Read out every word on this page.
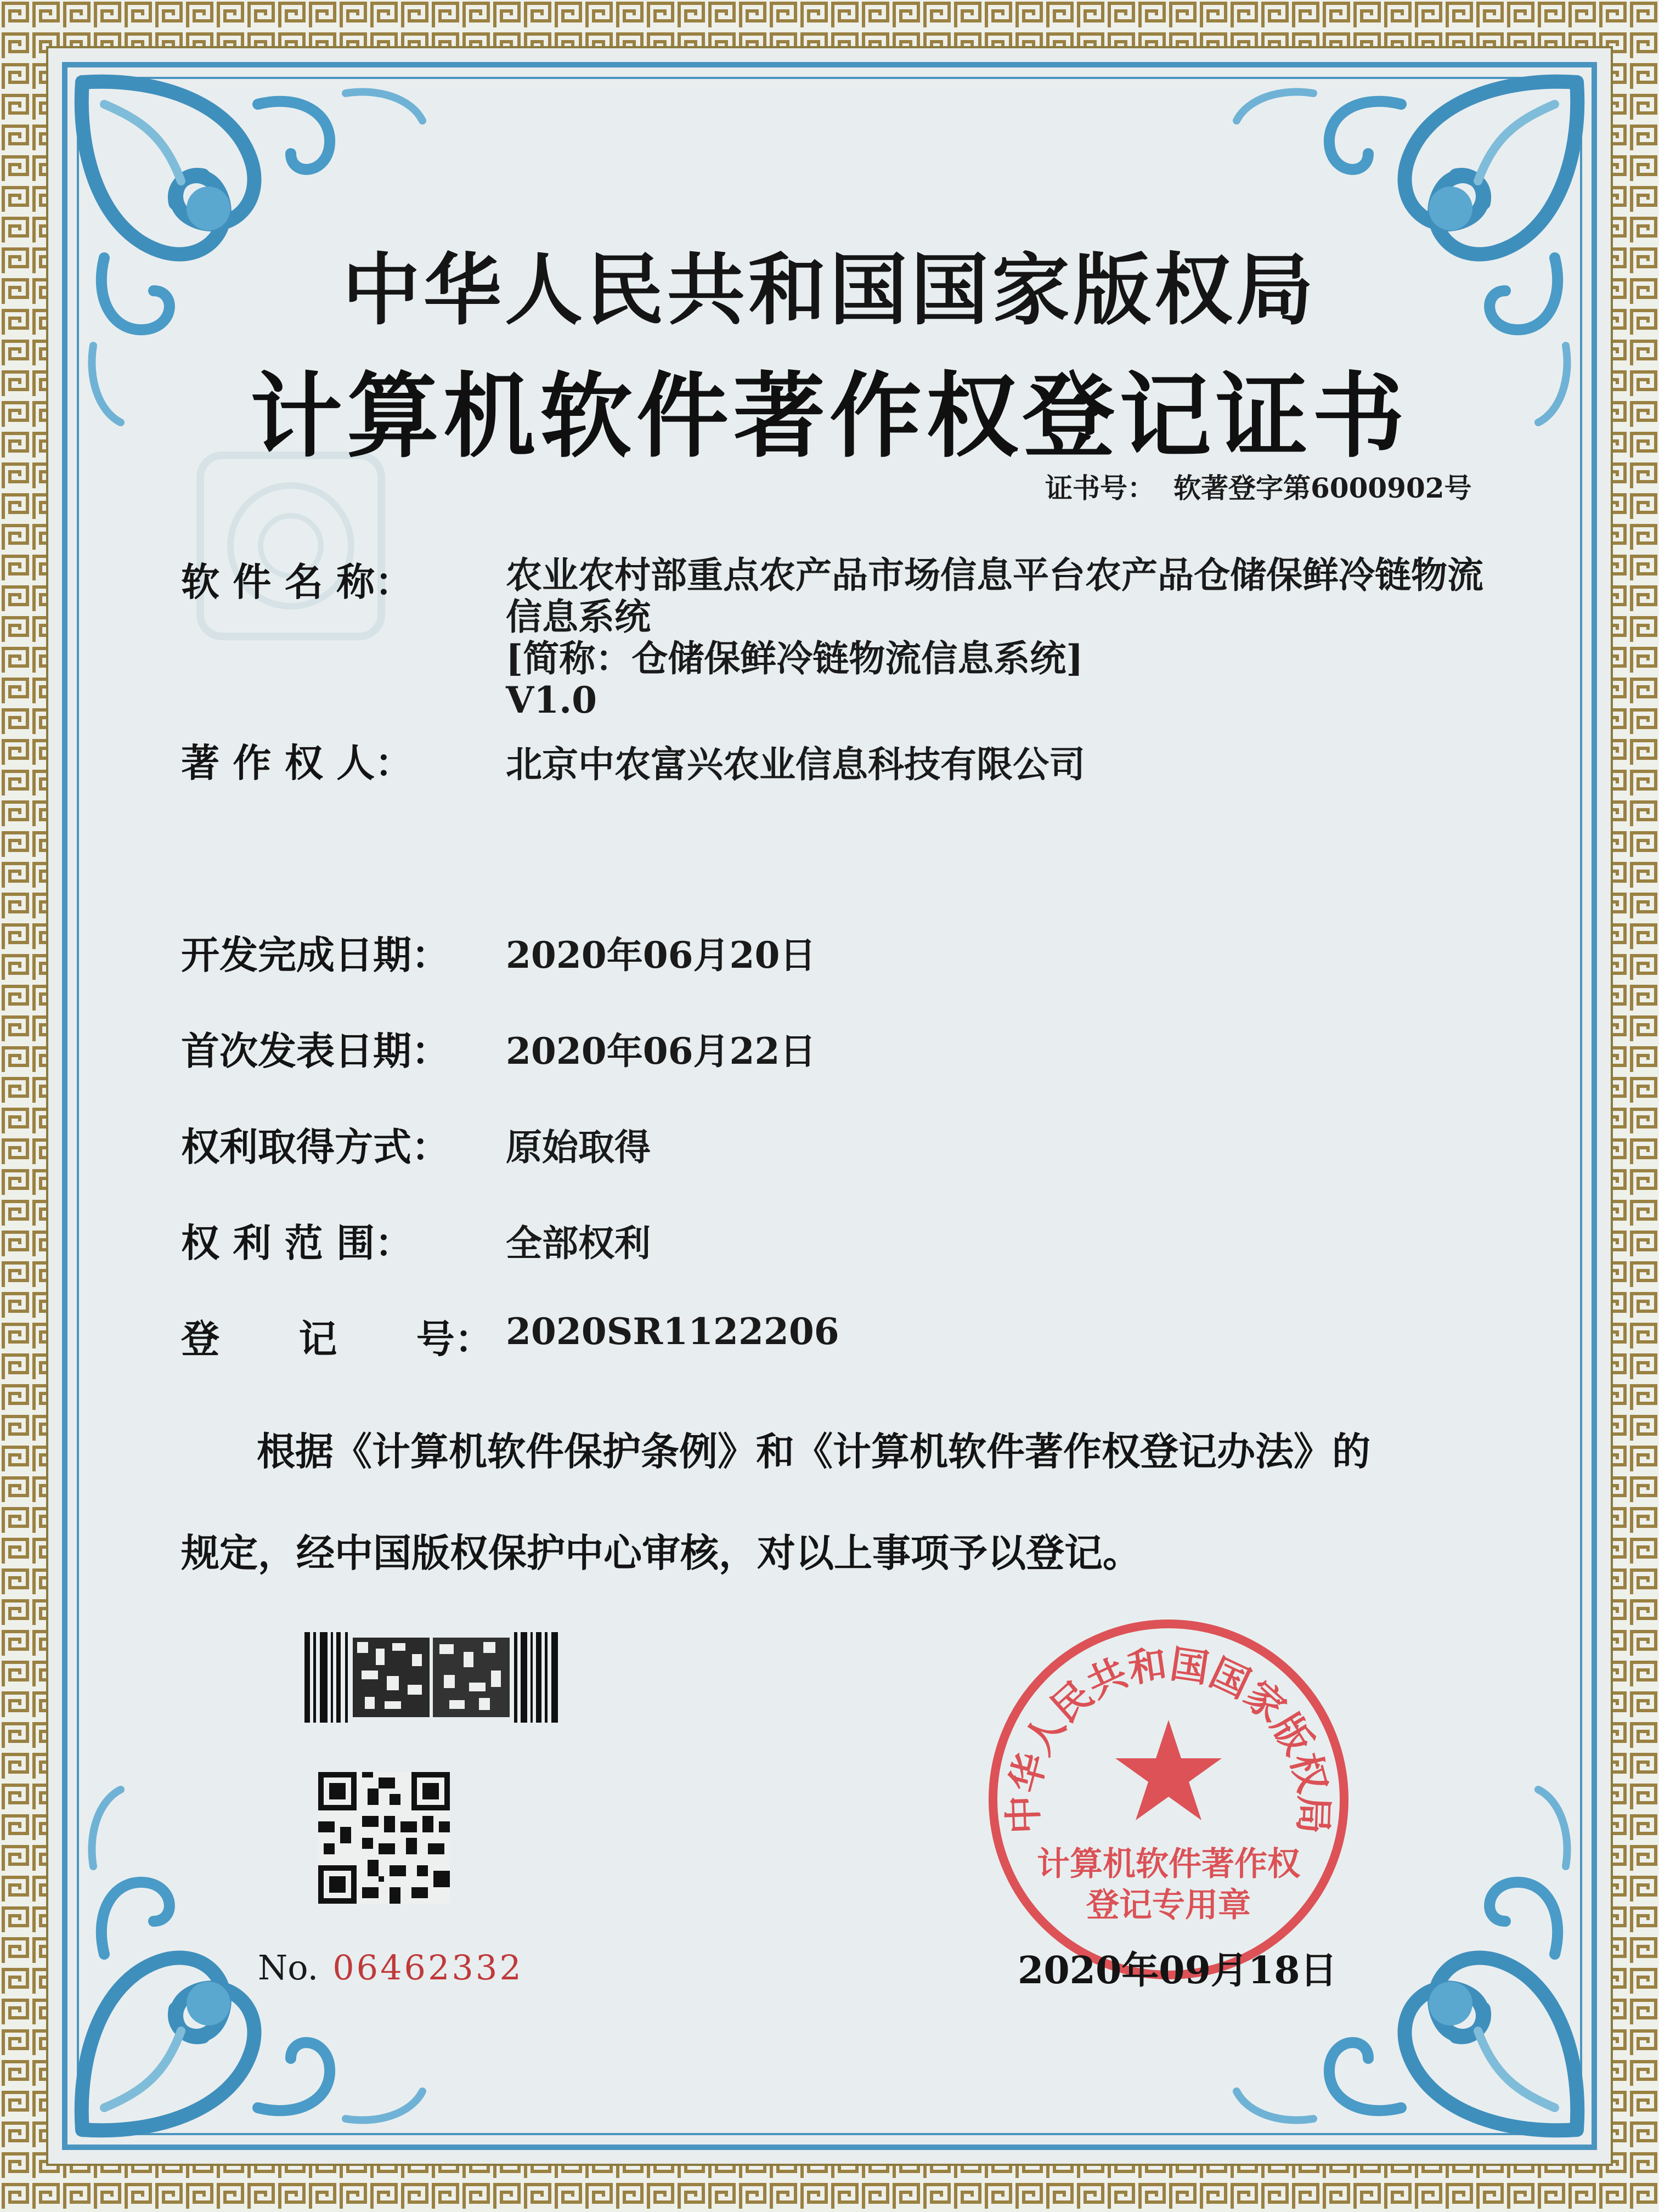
中华人民共和国国家版权局
计算机软件著作权登记证书
证书号： 软著登字第6000902号
软 件 名 称：	农业农村部重点农产品市场信息平台农产品仓储保鲜冷链物流
信息系统
[简称：仓储保鲜冷链物流信息系统]
V1.0
著 作 权 人：	北京中农富兴农业信息科技有限公司
开发完成日期： 2020年06月20日
首次发表日期： 2020年06月22日
权利取得方式： 原始取得
权 利 范 围：	全部权利
登 记 号： 2020SR1122206
根据《计算机软件保护条例》和《计算机软件著作权登记办法》的
规定，经中国版权保护中心审核，对以上事项予以登记。
No. 06462332
中华人民共和国国家版权局
计算机软件著作权
登记专用章
2020年09月18日
